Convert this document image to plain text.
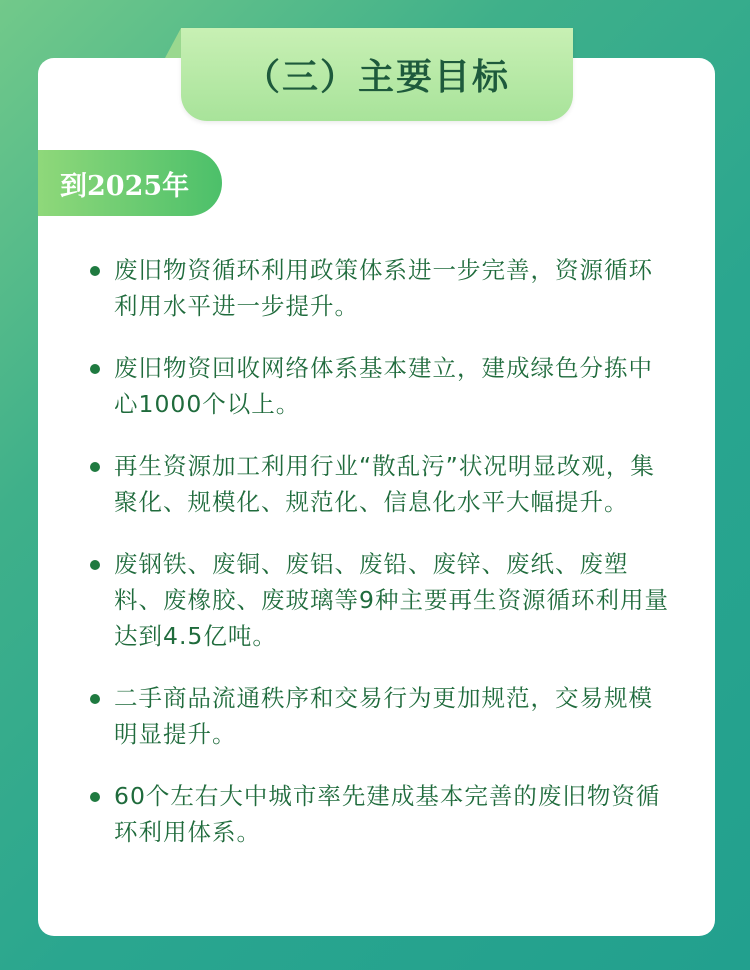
（三）主要目标
到2025年
废旧物资循环利用政策体系进一步完善，资源循环利用水平进一步提升。
废旧物资回收网络体系基本建立，建成绿色分拣中心1000个以上。
再生资源加工利用行业“散乱污”状况明显改观，集聚化、规模化、规范化、信息化水平大幅提升。
废钢铁、废铜、废铝、废铅、废锌、废纸、废塑料、废橡胶、废玻璃等9种主要再生资源循环利用量达到4.5亿吨。
二手商品流通秩序和交易行为更加规范，交易规模明显提升。
60个左右大中城市率先建成基本完善的废旧物资循环利用体系。
